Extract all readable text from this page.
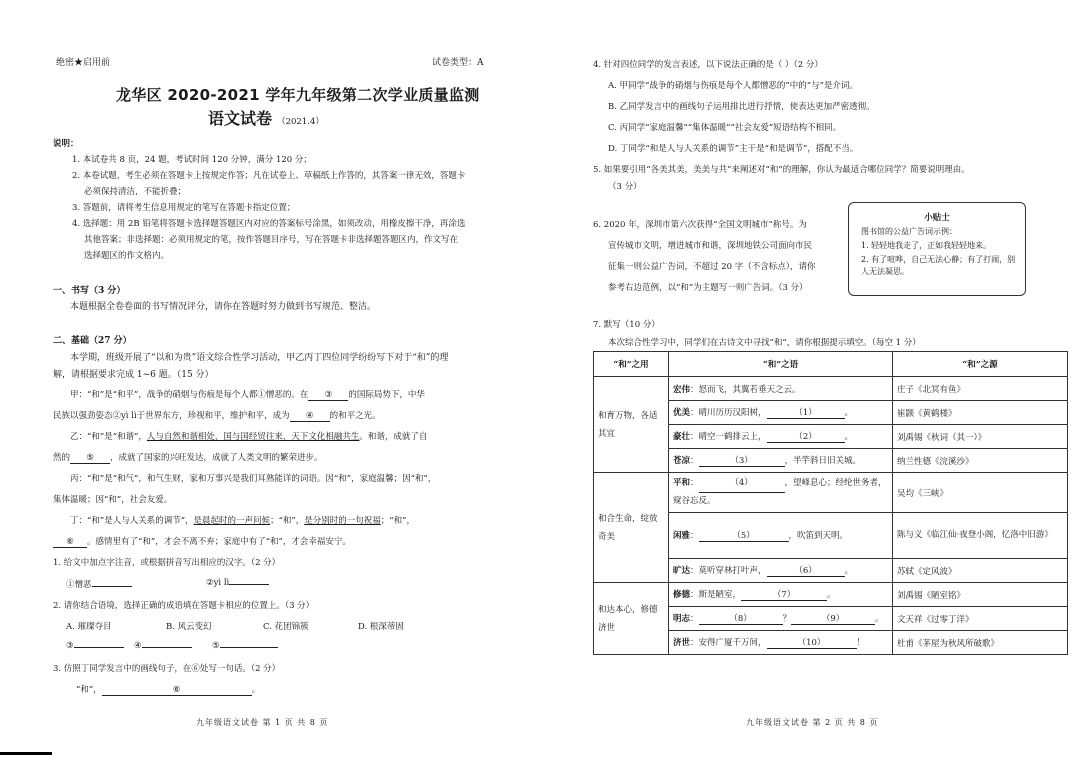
绝密★启用前	试卷类型：A
龙华区 2020-2021 学年九年级第二次学业质量监测
语文试卷 （2021.4）
说明：
1. 本试卷共 8 页，24 题，考试时间 120 分钟，满分 120 分；
2. 本卷试题，考生必须在答题卡上按规定作答；凡在试卷上、草稿纸上作答的，其答案一律无效，答题卡
必须保持清洁，不能折叠；
3. 答题前，请将考生信息用规定的笔写在答题卡指定位置；
4. 选择题：用 2B 铅笔将答题卡选择题答题区内对应的答案标号涂黑，如须改动，用橡皮擦干净，再涂选
其他答案；非选择题：必须用规定的笔，按作答题目序号，写在答题卡非选择题答题区内，作文写在
选择题区的作文格内。
一、书写（3 分）
本题根据全卷卷面的书写情况评分，请你在答题时努力做到书写规范、整洁。
二、基础（27 分）
本学期，班级开展了“以和为贵”语文综合性学习活动，甲乙丙丁四位同学纷纷写下对于“和”的理
解，请根据要求完成 1~6 题。（15 分）
甲：“和”是“和平”，战争的硝烟与伤痕是每个人都①憎恶的。在 ③ 的国际局势下，中华
民族以强劲姿态②yì lì于世界东方，珍视和平，维护和平，成为 ④ 的和平之光。
乙：“和”是“和谐”，人与自然和谐相处，国与国经贸往来，天下文化相融共生。和谐，成就了自
然的 ⑤ ，成就了国家的兴旺发达，成就了人类文明的繁荣进步。
丙：“和”是“和气”，和气生财，家和万事兴是我们耳熟能详的词语。因“和”，家庭温馨；因“和”，
集体温暖；因“和”，社会友爱。
丁：“和”是人与人关系的调节”，是晨起时的一声问候；“和”，是分别时的一句祝福；“和”，
⑥ 。感情里有了“和”，才会不离不弃；家庭中有了“和”，才会幸福安宁。
1. 给文中加点字注音，或根据拼音写出相应的汉字。（2 分）
①憎恶	②yì lì
2. 请你结合语境，选择正确的成语填在答题卡相应的位置上。（3 分）
A. 璀璨夺目	B. 风云变幻	C. 花团锦簇	D. 根深蒂固
③	④	⑤
3. 仿照丁同学发言中的画线句子，在⑥处写一句话。（2 分）
“和”，	⑥	。
九年级语文试卷 第 1 页 共 8 页
4. 针对四位同学的发言表述，以下说法正确的是（ ）（2 分）
A. 甲同学“战争的硝烟与伤痕是每个人都憎恶的”中的“与”是介词。
B. 乙同学发言中的画线句子运用排比进行抒情，使表达更加严密透彻。
C. 丙同学“家庭温馨”“集体温暖”“社会友爱”短语结构不相同。
D. 丁同学“和是人与人关系的调节”主干是“和是调节”，搭配不当。
5. 如果要引用“各美其美，美美与共”来阐述对“和”的理解，你认为最适合哪位同学？简要说明理由。
（3 分）
6. 2020 年，深圳市第六次获得“全国文明城市”称号。为
宣传城市文明，增进城市和谐，深圳地铁公司面向市民
征集一则公益广告词，不超过 20 字（不含标点），请你
参考右边范例，以“和”为主题写一则广告词。（3 分）
小贴士
图书馆的公益广告词示例：
1. 轻轻地我走了，正如我轻轻地来。
2. 有了喧哗，自己无法心静；有了打闹，别人无法凝思。
7. 默写（10 分）
本次综合性学习中，同学们在古诗文中寻找“和”，请你根据提示填空。（每空 1 分）
“和”之用	“和”之语	“和”之源
和育万物，各适其宜	宏伟：怒而飞，其翼若垂天之云。	庄子《北冥有鱼》
	优美：晴川历历汉阳树， （1） 。	崔颢《黄鹤楼》
	豪壮：晴空一鹤排云上， （2） 。	刘禹锡《秋词（其一）》
	苍凉： （3） ，半竿斜日旧关城。	纳兰性德《浣溪沙》
和合生命，绽放奇美	平和： （4） ，望峰息心；经纶世务者，窥谷忘反。	吴均《三峡》
	闲雅： （5） ，吹笛到天明。	陈与义《临江仙·夜登小阁，忆洛中旧游》
	旷达：莫听穿林打叶声， （6） 。	苏轼《定风波》
和达本心，修德济世	修德：斯是陋室， （7） 。	刘禹锡《陋室铭》
	明志： （8） ？ （9） 。	文天祥《过零丁洋》
	济世：安得广厦千万间， （10） ！	杜甫《茅屋为秋风所破歌》
九年级语文试卷 第 2 页 共 8 页
